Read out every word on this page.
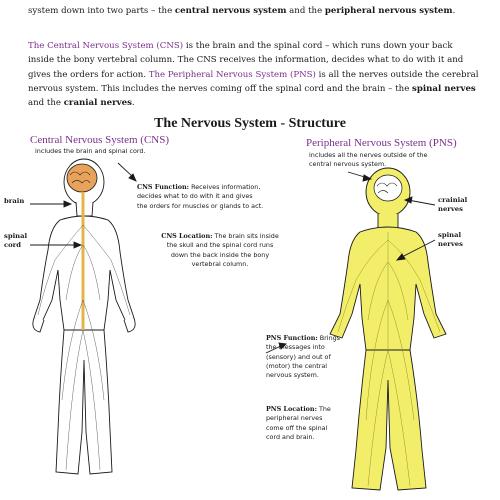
system down into two parts – the central nervous system and the peripheral nervous system.
The Central Nervous System (CNS) is the brain and the spinal cord – which runs down your back
inside the bony vertebral column. The CNS receives the information, decides what to do with it and
gives the orders for action. The Peripheral Nervous System (PNS) is all the nerves outside the cerebral
nervous system. This includes the nerves coming off the spinal cord and the brain – the spinal nerves
and the cranial nerves.
The Nervous System - Structure
Central Nervous System (CNS)
includes the brain and spinal cord.
brain
spinal
cord
CNS Function: Receives information,
decides what to do with it and gives
the orders for muscles or glands to act.
CNS Location: The brain sits inside
the skull and the spinal cord runs
down the back inside the bony
vertebral column.
Peripheral Nervous System (PNS)
includes all the nerves outside of the
central nervous system.
crainial
nerves
spinal
nerves
PNS Function: Brings
the messages into
(sensory) and out of
(motor) the central
nervous system.
PNS Location: The
peripheral nerves
come off the spinal
cord and brain.
